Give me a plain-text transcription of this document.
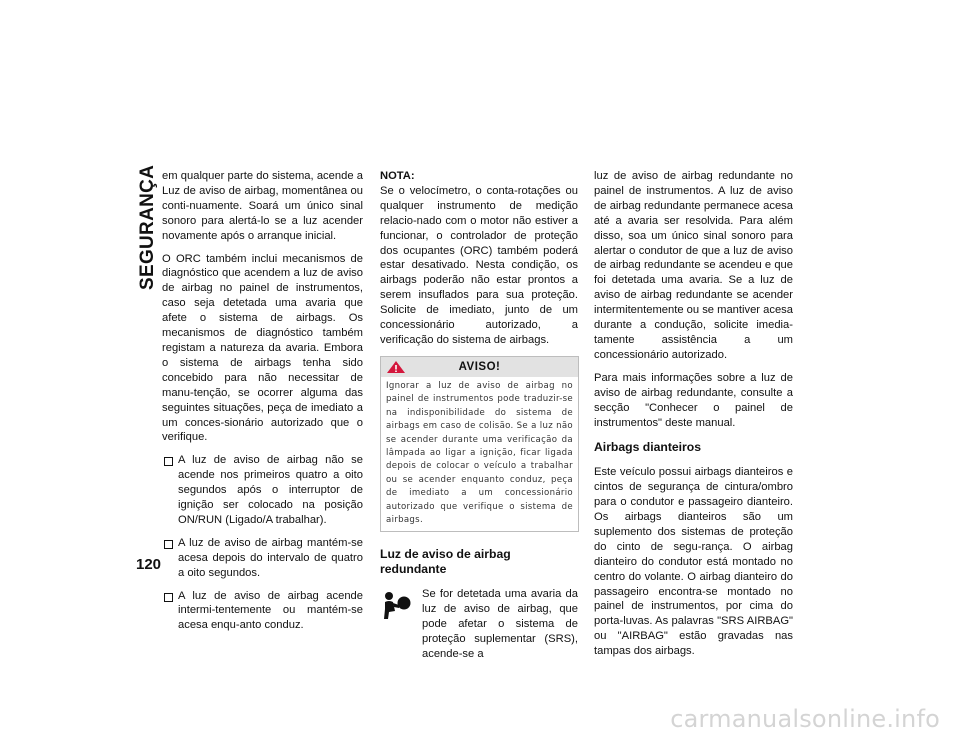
SEGURANÇA
120

em qualquer parte do sistema, acende a Luz de aviso de airbag, momentânea ou conti-nuamente. Soará um único sinal sonoro para alertá-lo se a luz acender novamente após o arranque inicial.

O ORC também inclui mecanismos de diagnóstico que acendem a luz de aviso de airbag no painel de instrumentos, caso seja detetada uma avaria que afete o sistema de airbags. Os mecanismos de diagnóstico também registam a natureza da avaria. Embora o sistema de airbags tenha sido concebido para não necessitar de manu-tenção, se ocorrer alguma das seguintes situações, peça de imediato a um conces-sionário autorizado que o verifique.

A luz de aviso de airbag não se acende nos primeiros quatro a oito segundos após o interruptor de ignição ser colocado na posição ON/RUN (Ligado/A trabalhar).
A luz de aviso de airbag mantém-se acesa depois do intervalo de quatro a oito segundos.
A luz de aviso de airbag acende intermi-tentemente ou mantém-se acesa enqu-anto conduz.

NOTA:
Se o velocímetro, o conta-rotações ou qualquer instrumento de medição relacio-nado com o motor não estiver a funcionar, o controlador de proteção dos ocupantes (ORC) também poderá estar desativado. Nesta condição, os airbags poderão não estar prontos a serem insuflados para sua proteção. Solicite de imediato, junto de um concessionário autorizado, a verificação do sistema de airbags.

AVISO!
Ignorar a luz de aviso de airbag no painel de instrumentos pode traduzir-se na indisponibilidade do sistema de airbags em caso de colisão. Se a luz não se acender durante uma verificação da lâmpada ao ligar a ignição, ficar ligada depois de colocar o veículo a trabalhar ou se acender enquanto conduz, peça de imediato a um concessionário autorizado que verifique o sistema de airbags.
Luz de aviso de airbag redundante
Se for detetada uma avaria da luz de aviso de airbag, que pode afetar o sistema de proteção suplementar (SRS), acende-se a

luz de aviso de airbag redundante no painel de instrumentos. A luz de aviso de airbag redundante permanece acesa até a avaria ser resolvida. Para além disso, soa um único sinal sonoro para alertar o condutor de que a luz de aviso de airbag redundante se acendeu e que foi detetada uma avaria. Se a luz de aviso de airbag redundante se acender intermitentemente ou se mantiver acesa durante a condução, solicite imedia-tamente assistência a um concessionário autorizado.

Para mais informações sobre a luz de aviso de airbag redundante, consulte a secção "Conhecer o painel de instrumentos" deste manual.

Airbags dianteiros

Este veículo possui airbags dianteiros e cintos de segurança de cintura/ombro para o condutor e passageiro dianteiro. Os airbags dianteiros são um suplemento dos sistemas de proteção do cinto de segu-rança. O airbag dianteiro do condutor está montado no centro do volante. O airbag dianteiro do passageiro encontra-se montado no painel de instrumentos, por cima do porta-luvas. As palavras "SRS AIRBAG" ou "AIRBAG" estão gravadas nas tampas dos airbags.

carmanualsonline.info
